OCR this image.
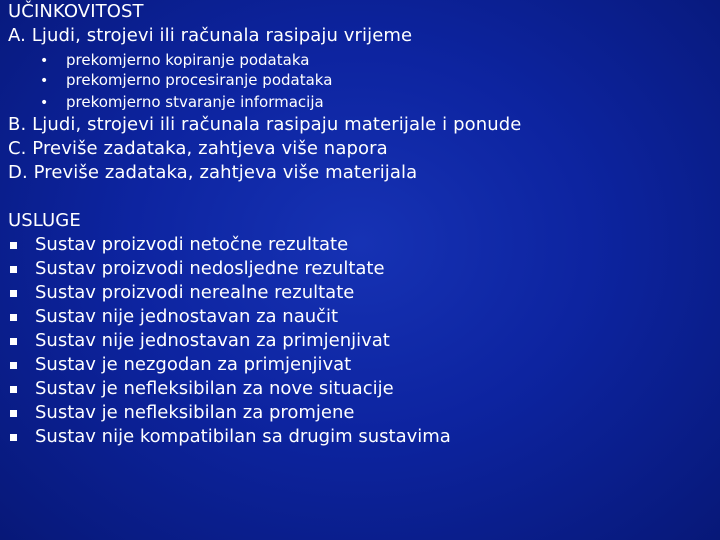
UČINKOVITOST
A. Ljudi, strojevi ili računala rasipaju vrijeme
• prekomjerno kopiranje podataka
• prekomjerno procesiranje podataka
• prekomjerno stvaranje informacija
B. Ljudi, strojevi ili računala rasipaju materijale i ponude
C. Previše zadataka, zahtjeva više napora
D. Previše zadataka, zahtjeva više materijala
USLUGE
Sustav proizvodi netočne rezultate
Sustav proizvodi nedosljedne rezultate
Sustav proizvodi nerealne rezultate
Sustav nije jednostavan za naučit
Sustav nije jednostavan za primjenjivat
Sustav je nezgodan za primjenjivat
Sustav je nefleksibilan za nove situacije
Sustav je nefleksibilan za promjene
Sustav nije kompatibilan sa drugim sustavima
